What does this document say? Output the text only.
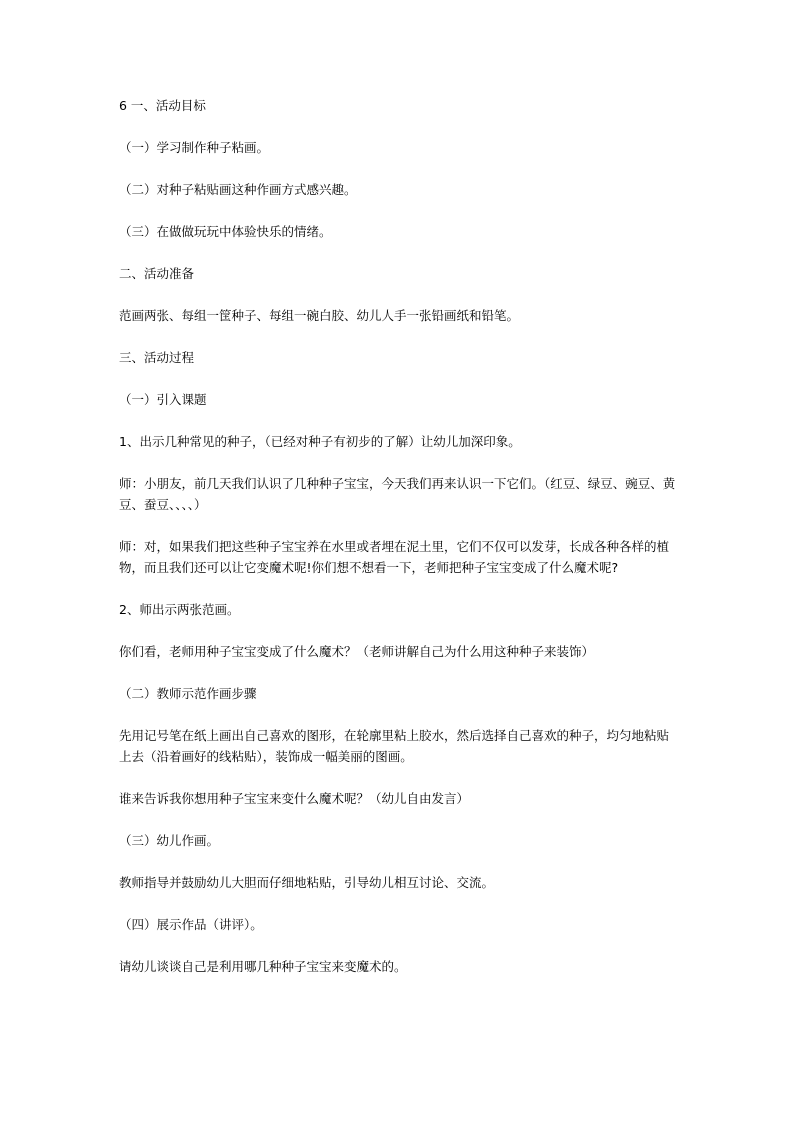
6 一、活动目标

（一）学习制作种子粘画。

（二）对种子粘贴画这种作画方式感兴趣。

（三）在做做玩玩中体验快乐的情绪。

二、活动准备

范画两张、每组一筐种子、每组一碗白胶、幼儿人手一张铅画纸和铅笔。

三、活动过程

（一）引入课题

1、出示几种常见的种子，（已经对种子有初步的了解）让幼儿加深印象。

师：小朋友，前几天我们认识了几种种子宝宝，今天我们再来认识一下它们。（红豆、绿豆、豌豆、黄豆、蚕豆、、、、）

师：对，如果我们把这些种子宝宝养在水里或者埋在泥土里，它们不仅可以发芽，长成各种各样的植物，而且我们还可以让它变魔术呢!你们想不想看一下，老师把种子宝宝变成了什么魔术呢?

2、师出示两张范画。

你们看，老师用种子宝宝变成了什么魔术？（老师讲解自己为什么用这种种子来装饰）

（二）教师示范作画步骤

先用记号笔在纸上画出自己喜欢的图形，在轮廓里粘上胶水，然后选择自己喜欢的种子，均匀地粘贴上去（沿着画好的线粘贴），装饰成一幅美丽的图画。

谁来告诉我你想用种子宝宝来变什么魔术呢？（幼儿自由发言）

（三）幼儿作画。

教师指导并鼓励幼儿大胆而仔细地粘贴，引导幼儿相互讨论、交流。

（四）展示作品（讲评）。

请幼儿谈谈自己是利用哪几种种子宝宝来变魔术的。
